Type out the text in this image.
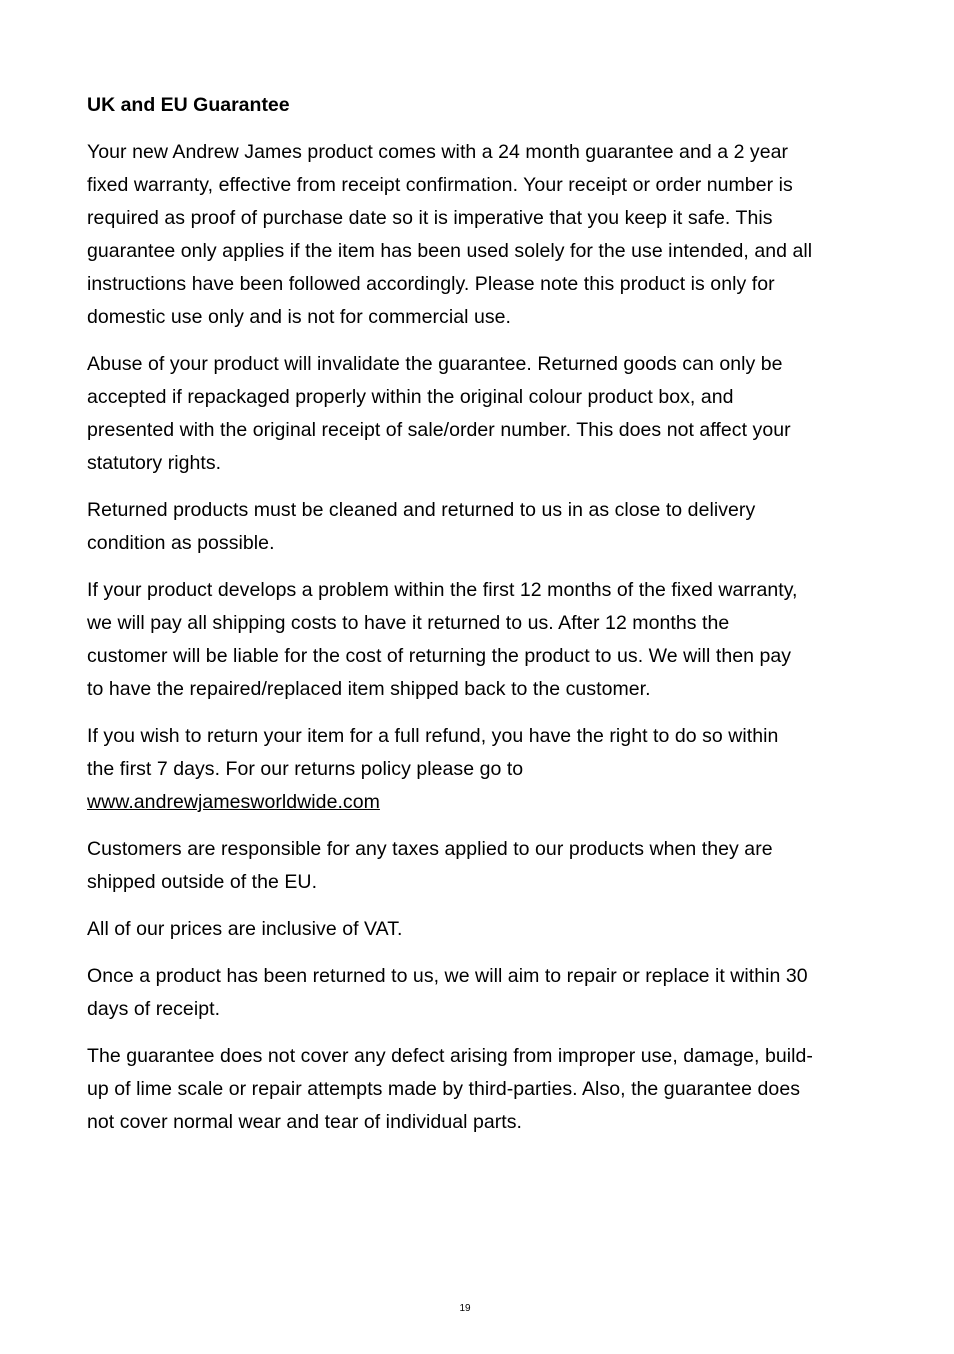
UK and EU Guarantee
Your new Andrew James product comes with a 24 month guarantee and a 2 year
fixed warranty, effective from receipt confirmation. Your receipt or order number is
required as proof of purchase date so it is imperative that you keep it safe. This
guarantee only applies if the item has been used solely for the use intended, and all
instructions have been followed accordingly. Please note this product is only for
domestic use only and is not for commercial use.
Abuse of your product will invalidate the guarantee. Returned goods can only be
accepted if repackaged properly within the original colour product box, and
presented with the original receipt of sale/order number. This does not affect your
statutory rights.
Returned products must be cleaned and returned to us in as close to delivery
condition as possible.
If your product develops a problem within the first 12 months of the fixed warranty,
we will pay all shipping costs to have it returned to us. After 12 months the
customer will be liable for the cost of returning the product to us. We will then pay
to have the repaired/replaced item shipped back to the customer.
If you wish to return your item for a full refund, you have the right to do so within
the first 7 days. For our returns policy please go to
www.andrewjamesworldwide.com
Customers are responsible for any taxes applied to our products when they are
shipped outside of the EU.
All of our prices are inclusive of VAT.
Once a product has been returned to us, we will aim to repair or replace it within 30
days of receipt.
The guarantee does not cover any defect arising from improper use, damage, build-
up of lime scale or repair attempts made by third-parties. Also, the guarantee does
not cover normal wear and tear of individual parts.
19
